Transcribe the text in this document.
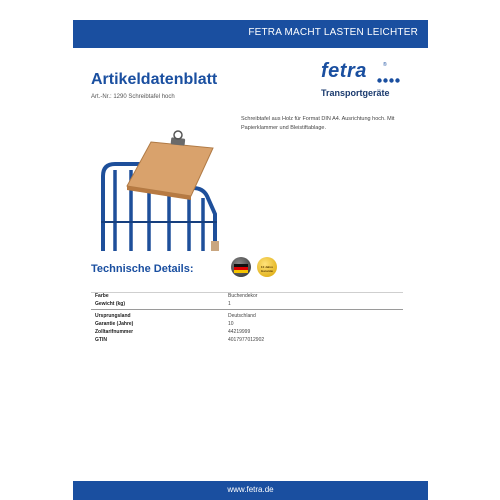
FETRA MACHT LASTEN LEICHTER
Artikeldatenblatt
Art.-Nr.: 1290 Schreibtafel hoch
fetra	®
Transportgeräte
Schreibtafel aus Holz für Format DIN A4. Ausrichtung hoch. Mit Papierklammer und Bleistiftablage.
Technische Details:	10 Jahre Garantie
Farbe	Buchendekor
Gewicht (kg)	1
Ursprungsland	Deutschland
Garantie (Jahre)	10
Zolltarifnummer	44219999
GTIN	4017977012902
www.fetra.de
